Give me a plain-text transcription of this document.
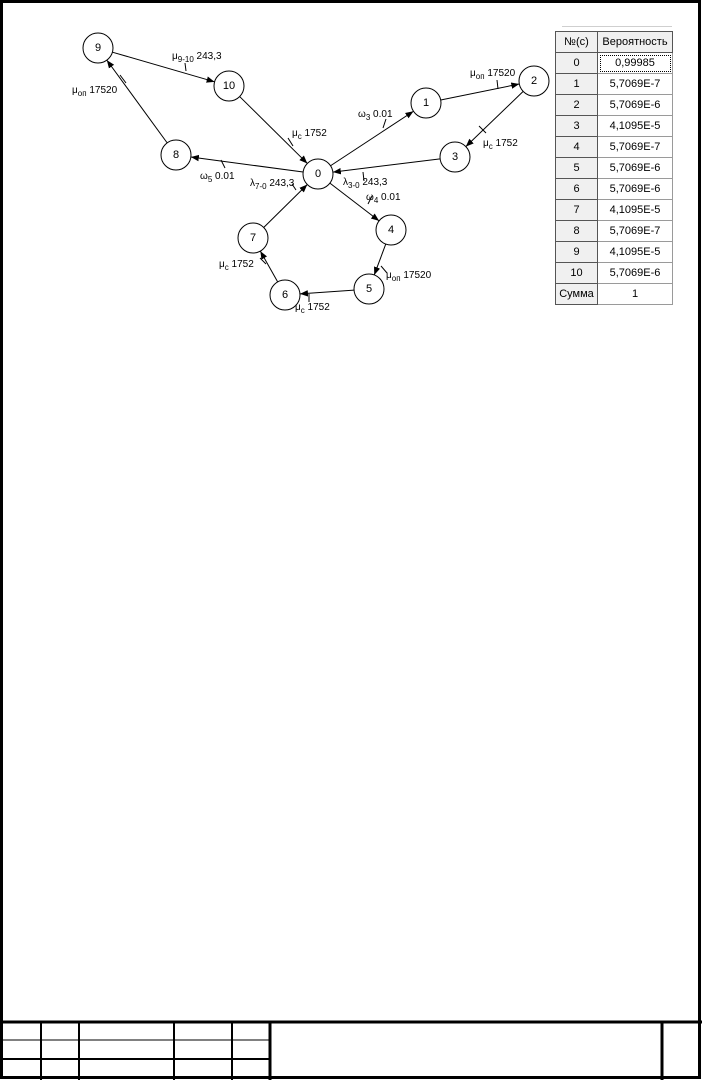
0
1
2
3
4
5
6
7
8
9
10
$\omega_3$ 0.01
$\mu_{оп}$ 17520
$\mu_c$ 1752
$\lambda_{3-0}$ 243,3
$\omega_4$ 0.01
$\mu_{оп}$ 17520
$\mu_c$ 1752
$\mu_c$ 1752
$\lambda_{7-0}$ 243,3
$\omega_5$ 0.01
$\mu_{оп}$ 17520
$\mu_{9-10}$ 243,3
$\mu_c$ 1752
№(с)	Вероятность
0	0,99985
1	5,7069E-7
2	5,7069E-6
3	4,1095E-5
4	5,7069E-7
5	5,7069E-6
6	5,7069E-6
7	4,1095E-5
8	5,7069E-7
9	4,1095E-5
10	5,7069E-6
Сумма	1
